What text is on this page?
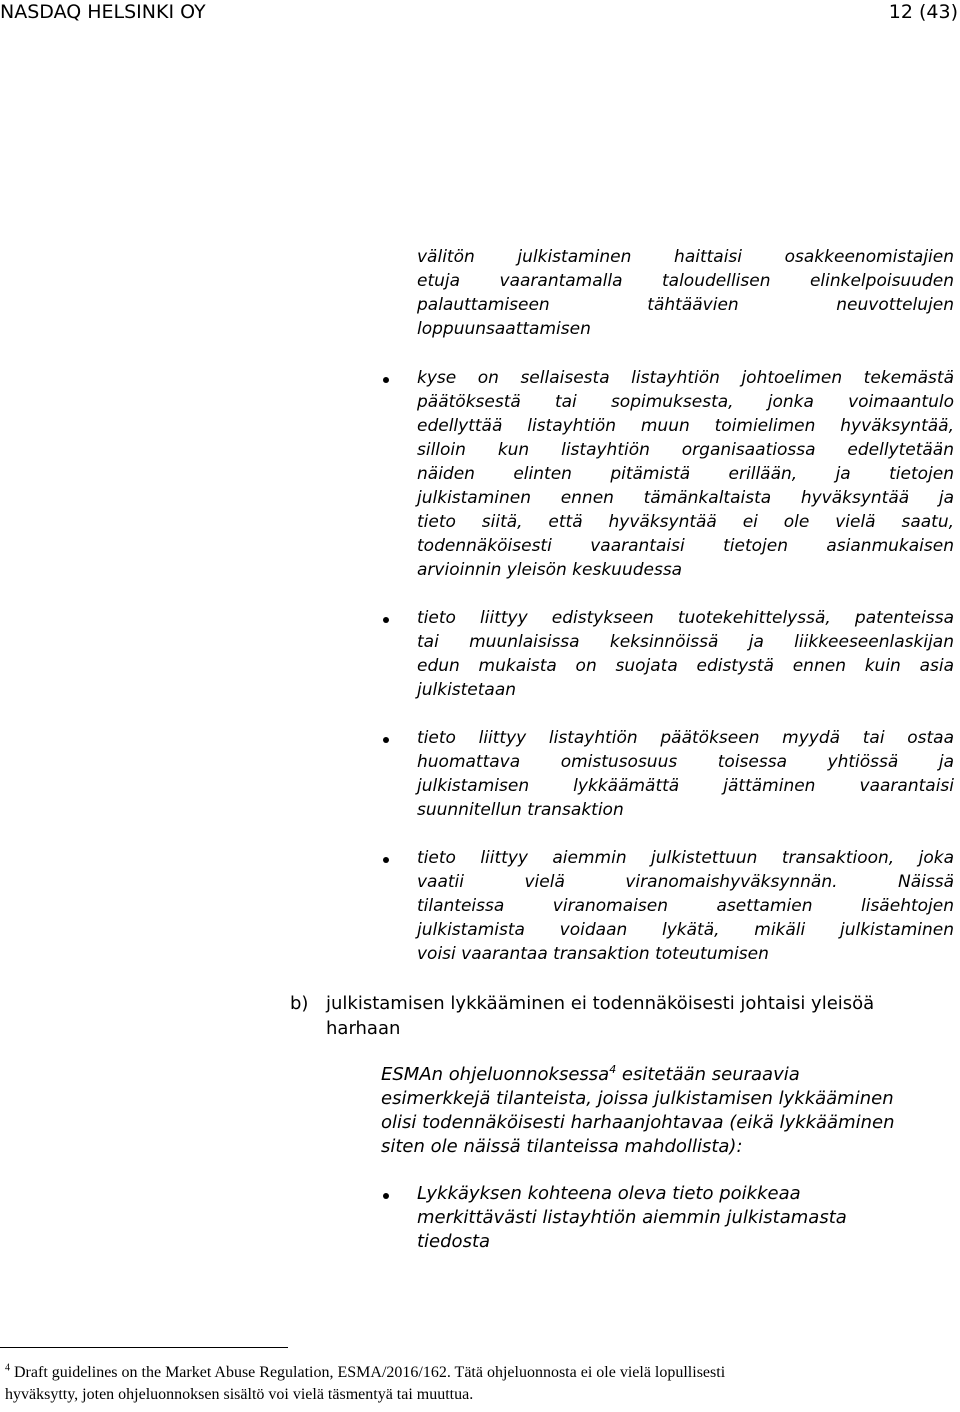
NASDAQ HELSINKI OY	12 (43)
välitön julkistaminen haittaisi osakkeenomistajien
etuja vaarantamalla taloudellisen elinkelpoisuuden
palauttamiseen tähtäävien neuvottelujen
loppuunsaattamisen
kyse on sellaisesta listayhtiön johtoelimen tekemästä
päätöksestä tai sopimuksesta, jonka voimaantulo
edellyttää listayhtiön muun toimielimen hyväksyntää,
silloin kun listayhtiön organisaatiossa edellytetään
näiden elinten pitämistä erillään, ja tietojen
julkistaminen ennen tämänkaltaista hyväksyntää ja
tieto siitä, että hyväksyntää ei ole vielä saatu,
todennäköisesti vaarantaisi tietojen asianmukaisen
arvioinnin yleisön keskuudessa
tieto liittyy edistykseen tuotekehittelyssä, patenteissa
tai muunlaisissa keksinnöissä ja liikkeeseenlaskijan
edun mukaista on suojata edistystä ennen kuin asia
julkistetaan
tieto liittyy listayhtiön päätökseen myydä tai ostaa
huomattava omistusosuus toisessa yhtiössä ja
julkistamisen lykkäämättä jättäminen vaarantaisi
suunnitellun transaktion
tieto liittyy aiemmin julkistettuun transaktioon, joka
vaatii vielä viranomaishyväksynnän. Näissä
tilanteissa viranomaisen asettamien lisäehtojen
julkistamista voidaan lykätä, mikäli julkistaminen
voisi vaarantaa transaktion toteutumisen
b) julkistamisen lykkääminen ei todennäköisesti johtaisi yleisöä
harhaan
ESMAn ohjeluonnoksessa$^4$ esitetään seuraavia
esimerkkejä tilanteista, joissa julkistamisen lykkääminen
olisi todennäköisesti harhaanjohtavaa (eikä lykkääminen
siten ole näissä tilanteissa mahdollista):
Lykkäyksen kohteena oleva tieto poikkeaa
merkittävästi listayhtiön aiemmin julkistamasta
tiedosta
$^4$ Draft guidelines on the Market Abuse Regulation, ESMA/2016/162. Tätä ohjeluonnosta ei ole vielä lopullisesti
hyväksytty, joten ohjeluonnoksen sisältö voi vielä täsmentyä tai muuttua.
